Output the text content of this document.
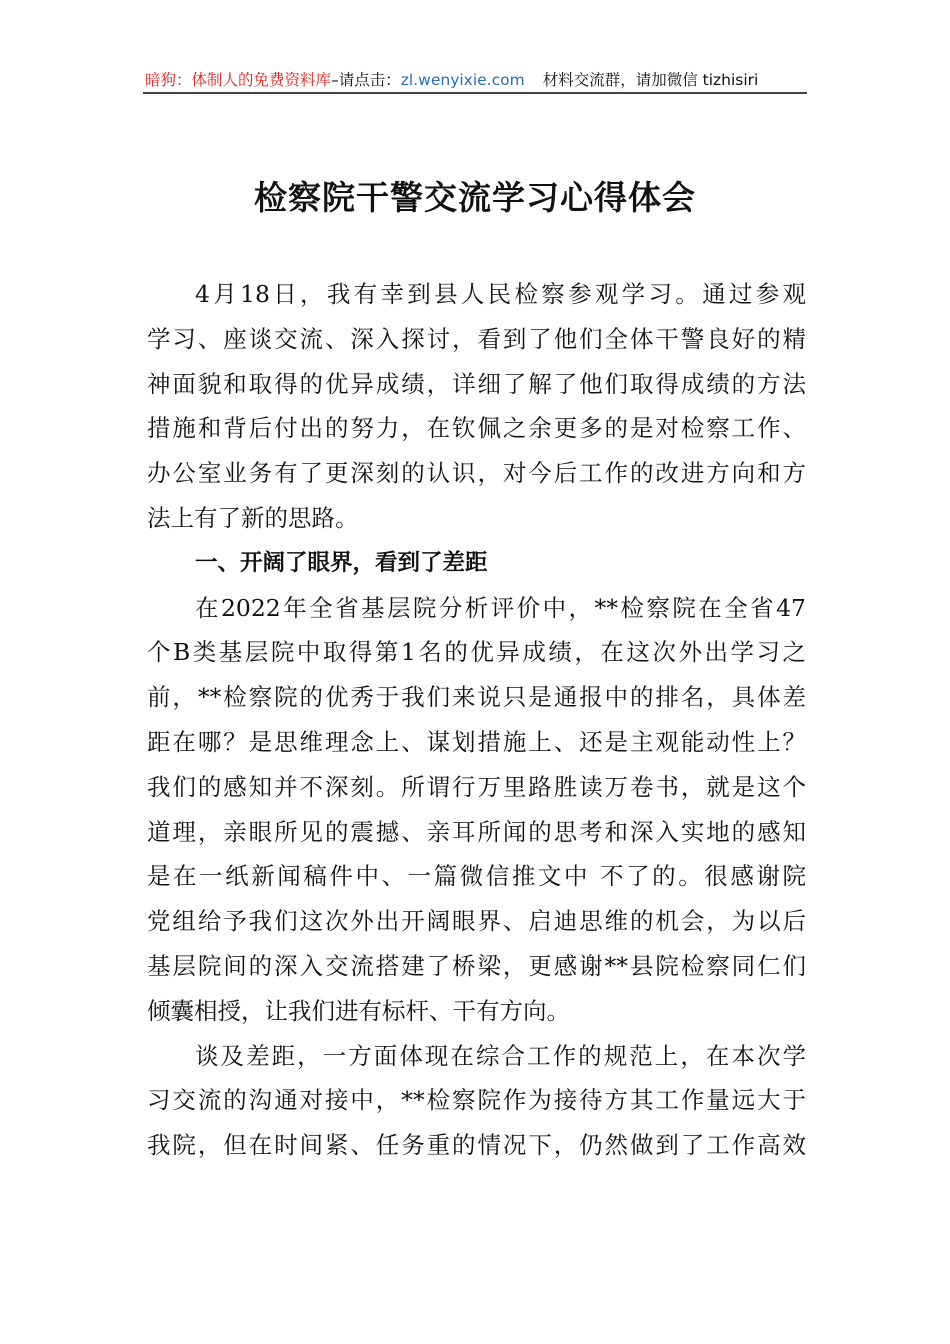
暗狗：体制人的免费资料库–请点击：zl.wenyixie.com 材料交流群，请加微信 tizhisiri
检察院干警交流学习心得体会
4月18日，我有幸到县人民检察参观学习。通过参观
学习、座谈交流、深入探讨，看到了他们全体干警良好的精
神面貌和取得的优异成绩，详细了解了他们取得成绩的方法
措施和背后付出的努力，在钦佩之余更多的是对检察工作、
办公室业务有了更深刻的认识，对今后工作的改进方向和方
法上有了新的思路。
一、开阔了眼界，看到了差距
在2022年全省基层院分析评价中，**检察院在全省47
个B类基层院中取得第1名的优异成绩，在这次外出学习之
前，**检察院的优秀于我们来说只是通报中的排名，具体差
距在哪？是思维理念上、谋划措施上、还是主观能动性上？
我们的感知并不深刻。所谓行万里路胜读万卷书，就是这个
道理，亲眼所见的震撼、亲耳所闻的思考和深入实地的感知
是在一纸新闻稿件中、一篇微信推文中 不了的。很感谢院
党组给予我们这次外出开阔眼界、启迪思维的机会，为以后
基层院间的深入交流搭建了桥梁，更感谢**县院检察同仁们
倾囊相授，让我们进有标杆、干有方向。
谈及差距，一方面体现在综合工作的规范上，在本次学
习交流的沟通对接中，**检察院作为接待方其工作量远大于
我院，但在时间紧、任务重的情况下，仍然做到了工作高效
